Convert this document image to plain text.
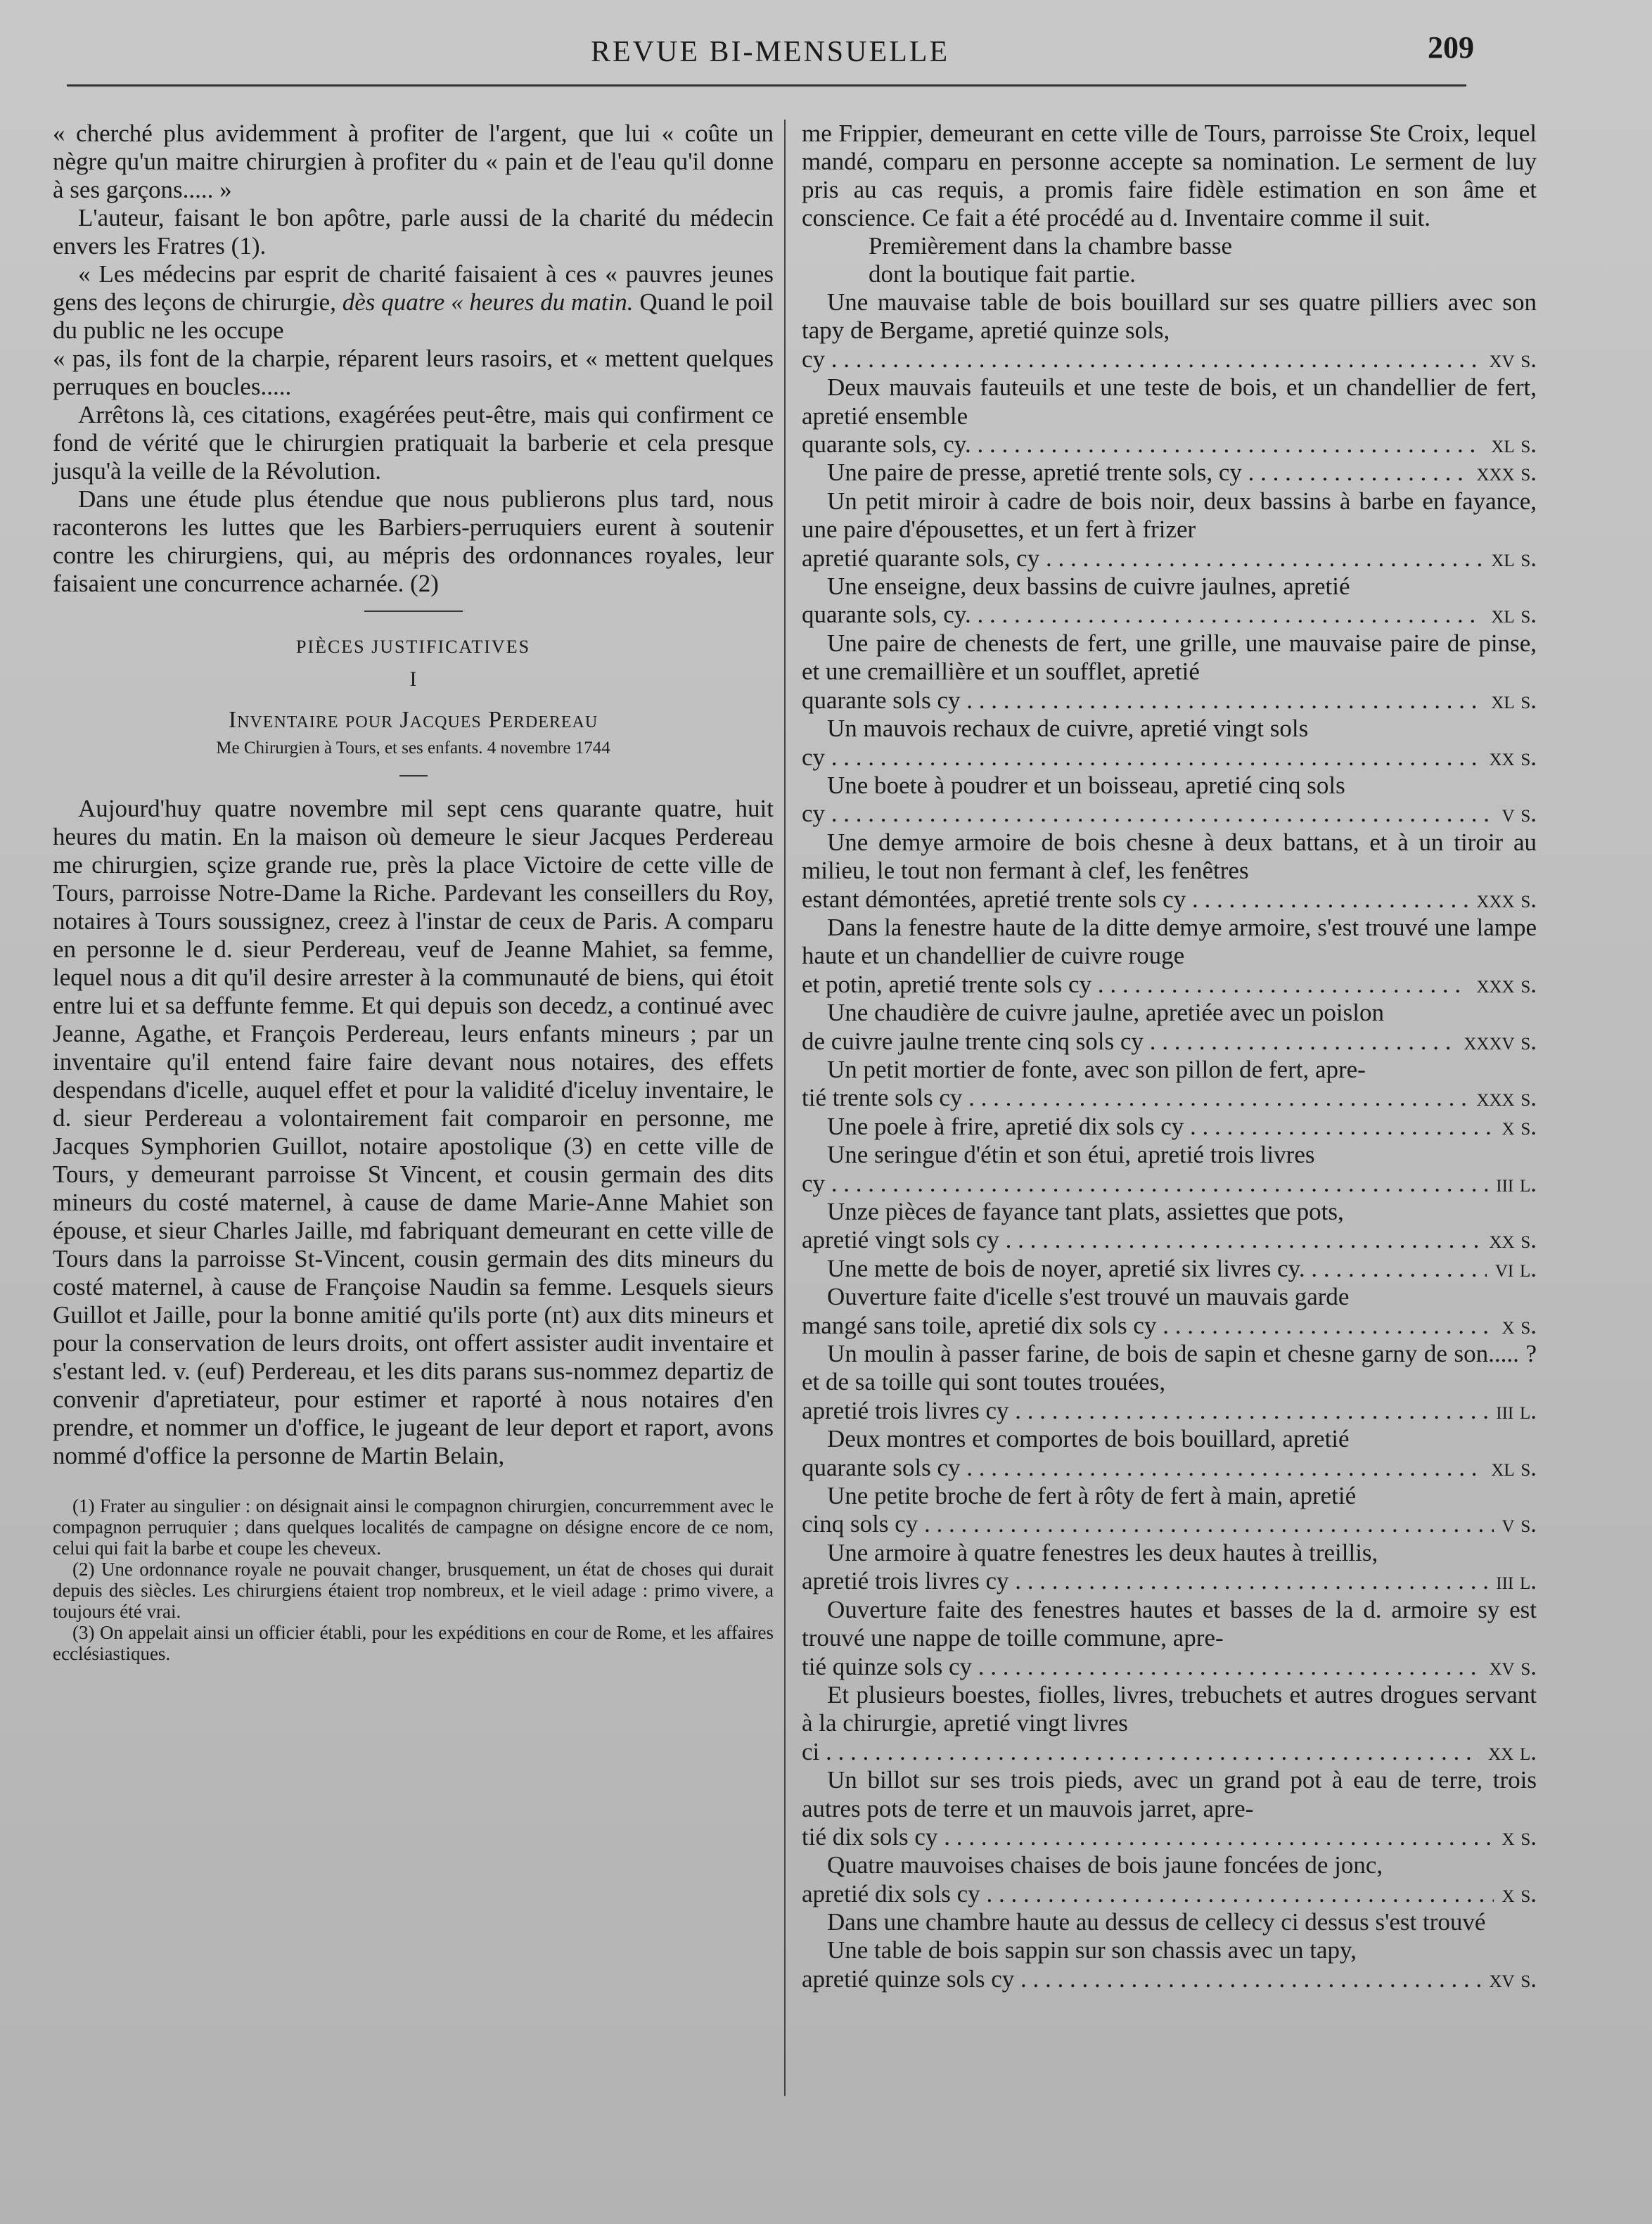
REVUE BI-MENSUELLE	209

« cherché plus avidemment à profiter de l'argent, que lui « coûte un nègre qu'un maitre chirurgien à profiter du « pain et de l'eau qu'il donne à ses garçons..... »

L'auteur, faisant le bon apôtre, parle aussi de la charité du médecin envers les Fratres (1).

« Les médecins par esprit de charité faisaient à ces « pauvres jeunes gens des leçons de chirurgie, dès quatre « heures du matin. Quand le poil du public ne les occupe

« pas, ils font de la charpie, réparent leurs rasoirs, et « mettent quelques perruques en boucles.....

Arrêtons là, ces citations, exagérées peut-être, mais qui confirment ce fond de vérité que le chirurgien pratiquait la barberie et cela presque jusqu'à la veille de la Révolution.

Dans une étude plus étendue que nous publierons plus tard, nous raconterons les luttes que les Barbiers-perruquiers eurent à soutenir contre les chirurgiens, qui, au mépris des ordonnances royales, leur faisaient une concurrence acharnée. (2)

PIÈCES JUSTIFICATIVES

I

Inventaire pour Jacques Perdereau

Me Chirurgien à Tours, et ses enfants. 4 novembre 1744

Aujourd'huy quatre novembre mil sept cens quarante quatre, huit heures du matin. En la maison où demeure le sieur Jacques Perdereau me chirurgien, sçize grande rue, près la place Victoire de cette ville de Tours, parroisse Notre-Dame la Riche. Pardevant les conseillers du Roy, notaires à Tours soussignez, creez à l'instar de ceux de Paris. A comparu en personne le d. sieur Perdereau, veuf de Jeanne Mahiet, sa femme, lequel nous a dit qu'il desire arrester à la communauté de biens, qui étoit entre lui et sa deffunte femme. Et qui depuis son decedz, a continué avec Jeanne, Agathe, et François Perdereau, leurs enfants mineurs ; par un inventaire qu'il entend faire faire devant nous notaires, des effets despendans d'icelle, auquel effet et pour la validité d'iceluy inventaire, le d. sieur Perdereau a volontairement fait comparoir en personne, me Jacques Symphorien Guillot, notaire apostolique (3) en cette ville de Tours, y demeurant parroisse St Vincent, et cousin germain des dits mineurs du costé maternel, à cause de dame Marie-Anne Mahiet son épouse, et sieur Charles Jaille, md fabriquant demeurant en cette ville de Tours dans la parroisse St-Vincent, cousin germain des dits mineurs du costé maternel, à cause de Françoise Naudin sa femme. Lesquels sieurs Guillot et Jaille, pour la bonne amitié qu'ils porte (nt) aux dits mineurs et pour la conservation de leurs droits, ont offert assister audit inventaire et s'estant led. v. (euf) Perdereau, et les dits parans sus-nommez departiz de convenir d'apretiateur, pour estimer et raporté à nous notaires d'en prendre, et nommer un d'office, le jugeant de leur deport et raport, avons nommé d'office la personne de Martin Belain,

(1) Frater au singulier : on désignait ainsi le compagnon chirurgien, concurremment avec le compagnon perruquier ; dans quelques localités de campagne on désigne encore de ce nom, celui qui fait la barbe et coupe les cheveux.

(2) Une ordonnance royale ne pouvait changer, brusquement, un état de choses qui durait depuis des siècles. Les chirurgiens étaient trop nombreux, et le vieil adage : primo vivere, a toujours été vrai.

(3) On appelait ainsi un officier établi, pour les expéditions en cour de Rome, et les affaires ecclésiastiques.

me Frippier, demeurant en cette ville de Tours, parroisse Ste Croix, lequel mandé, comparu en personne accepte sa nomination. Le serment de luy pris au cas requis, a promis faire fidèle estimation en son âme et conscience. Ce fait a été procédé au d. Inventaire comme il suit.

Premièrement dans la chambre basse

dont la boutique fait partie.

Une mauvaise table de bois bouillard sur ses quatre pilliers avec son tapy de Bergame, apretié quinze sols,
cy . . .	xv s.
Deux mauvais fauteuils et une teste de bois, et un chandellier de fert, apretié ensemble
quarante sols, cy. . . .	xl s.
Une paire de presse, apretié trente sols, cy . . .	xxx s.
Un petit miroir à cadre de bois noir, deux bassins à barbe en fayance, une paire d'épousettes, et un fert à frizer
apretié quarante sols, cy . . .	xl s.
Une enseigne, deux bassins de cuivre jaulnes, apretié
quarante sols, cy. . . .	xl s.
Une paire de chenests de fert, une grille, une mauvaise paire de pinse, et une cremaillière et un soufflet, apretié
quarante sols cy . . .	xl s.
Un mauvois rechaux de cuivre, apretié vingt sols
cy . . .	xx s.
Une boete à poudrer et un boisseau, apretié cinq sols
cy . . .	v s.
Une demye armoire de bois chesne à deux battans, et à un tiroir au milieu, le tout non fermant à clef, les fenêtres
estant démontées, apretié trente sols cy . . .	xxx s.
Dans la fenestre haute de la ditte demye armoire, s'est trouvé une lampe haute et un chandellier de cuivre rouge
et potin, apretié trente sols cy . . .	xxx s.
Une chaudière de cuivre jaulne, apretiée avec un poislon
de cuivre jaulne trente cinq sols cy . . .	xxxv s.
Un petit mortier de fonte, avec son pillon de fert, apre-
tié trente sols cy . . .	xxx s.
Une poele à frire, apretié dix sols cy . . .	x s.
Une seringue d'étin et son étui, apretié trois livres
cy . . .	iii l.
Unze pièces de fayance tant plats, assiettes que pots,
apretié vingt sols cy . . .	xx s.
Une mette de bois de noyer, apretié six livres cy. . . .	vi l.
Ouverture faite d'icelle s'est trouvé un mauvais garde
mangé sans toile, apretié dix sols cy . . .	x s.
Un moulin à passer farine, de bois de sapin et chesne garny de son..... ? et de sa toille qui sont toutes trouées,
apretié trois livres cy . . .	iii l.
Deux montres et comportes de bois bouillard, apretié
quarante sols cy . . .	xl s.
Une petite broche de fert à rôty de fert à main, apretié
cinq sols cy . . .	v s.
Une armoire à quatre fenestres les deux hautes à treillis,
apretié trois livres cy . . .	iii l.
Ouverture faite des fenestres hautes et basses de la d. armoire sy est trouvé une nappe de toille commune, apre-
tié quinze sols cy . . .	xv s.
Et plusieurs boestes, fiolles, livres, trebuchets et autres drogues servant à la chirurgie, apretié vingt livres
ci . . .	xx l.
Un billot sur ses trois pieds, avec un grand pot à eau de terre, trois autres pots de terre et un mauvois jarret, apre-
tié dix sols cy . . .	x s.
Quatre mauvoises chaises de bois jaune foncées de jonc,
apretié dix sols cy . . .	x s.

Dans une chambre haute au dessus de cellecy ci dessus s'est trouvé

Une table de bois sappin sur son chassis avec un tapy,
apretié quinze sols cy . . .	xv s.
